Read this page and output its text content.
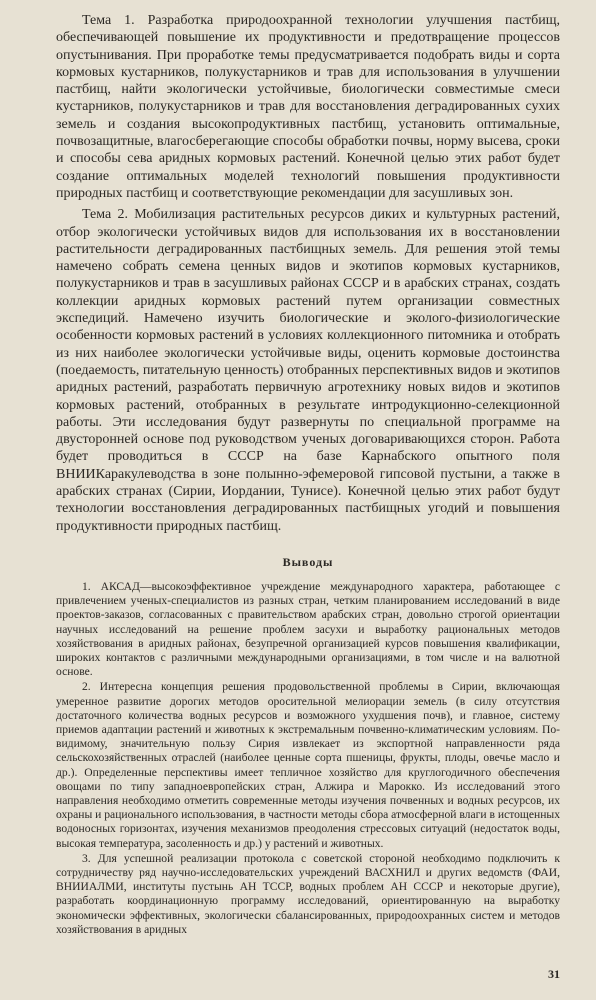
Тема 1. Разработка природоохранной технологии улучшения пастбищ, обеспечивающей повышение их продуктивности и предотвращение процессов опустынивания. При проработке темы предусматривается подобрать виды и сорта кормовых кустарников, полукустарников и трав для использования в улучшении пастбищ, найти экологически устойчивые, биологически совместимые смеси кустарников, полукустарников и трав для восстановления деградированных сухих земель и создания высокопродуктивных пастбищ, установить оптимальные, почвозащитные, влагосберегающие способы обработки почвы, норму высева, сроки и способы сева аридных кормовых растений. Конечной целью этих работ будет создание оптимальных моделей технологий повышения продуктивности природных пастбищ и соответствующие рекомендации для засушливых зон.

Тема 2. Мобилизация растительных ресурсов диких и культурных растений, отбор экологически устойчивых видов для использования их в восстановлении растительности деградированных пастбищных земель. Для решения этой темы намечено собрать семена ценных видов и экотипов кормовых кустарников, полукустарников и трав в засушливых районах СССР и в арабских странах, создать коллекции аридных кормовых растений путем организации совместных экспедиций. Намечено изучить биологические и эколого-физиологические особенности кормовых растений в условиях коллекционного питомника и отобрать из них наиболее экологически устойчивые виды, оценить кормовые достоинства (поедаемость, питательную ценность) отобранных перспективных видов и экотипов аридных растений, разработать первичную агротехнику новых видов и экотипов кормовых растений, отобранных в результате интродукционно-селекционной работы. Эти исследования будут развернуты по специальной программе на двусторонней основе под руководством ученых договаривающихся сторон. Работа будет проводиться в СССР на базе Карнабского опытного поля ВНИИКаракулеводства в зоне полынно-эфемеровой гипсовой пустыни, а также в арабских странах (Сирии, Иордании, Тунисе). Конечной целью этих работ будут технологии восстановления деградированных пастбищных угодий и повышения продуктивности природных пастбищ.

Выводы

1. АКСАД—высокоэффективное учреждение международного характера, работающее с привлечением ученых-специалистов из разных стран, четким планированием исследований в виде проектов-заказов, согласованных с правительством арабских стран, довольно строгой ориентации научных исследований на решение проблем засухи и выработку рациональных методов хозяйствования в аридных районах, безупречной организацией курсов повышения квалификации, широких контактов с различными международными организациями, в том числе и на валютной основе.

2. Интересна концепция решения продовольственной проблемы в Сирии, включающая умеренное развитие дорогих методов оросительной мелиорации земель (в силу отсутствия достаточного количества водных ресурсов и возможного ухудшения почв), и главное, систему приемов адаптации растений и животных к экстремальным почвенно-климатическим условиям. По-видимому, значительную пользу Сирия извлекает из экспортной направленности ряда сельскохозяйственных отраслей (наиболее ценные сорта пшеницы, фрукты, плоды, овечье масло и др.). Определенные перспективы имеет тепличное хозяйство для круглогодичного обеспечения овощами по типу западноевропейских стран, Алжира и Марокко. Из исследований этого направления необходимо отметить современные методы изучения почвенных и водных ресурсов, их охраны и рационального использования, в частности методы сбора атмосферной влаги в истощенных водоносных горизонтах, изучения механизмов преодоления стрессовых ситуаций (недостаток воды, высокая температура, засоленность и др.) у растений и животных.

3. Для успешной реализации протокола с советской стороной необходимо подключить к сотрудничеству ряд научно-исследовательских учреждений ВАСХНИЛ и других ведомств (ФАИ, ВНИИАЛМИ, институты пустынь АН ТССР, водных проблем АН СССР и некоторые другие), разработать координационную программу исследований, ориентированную на выработку экономически эффективных, экологически сбалансированных, природоохранных систем и методов хозяйствования в аридных

31
